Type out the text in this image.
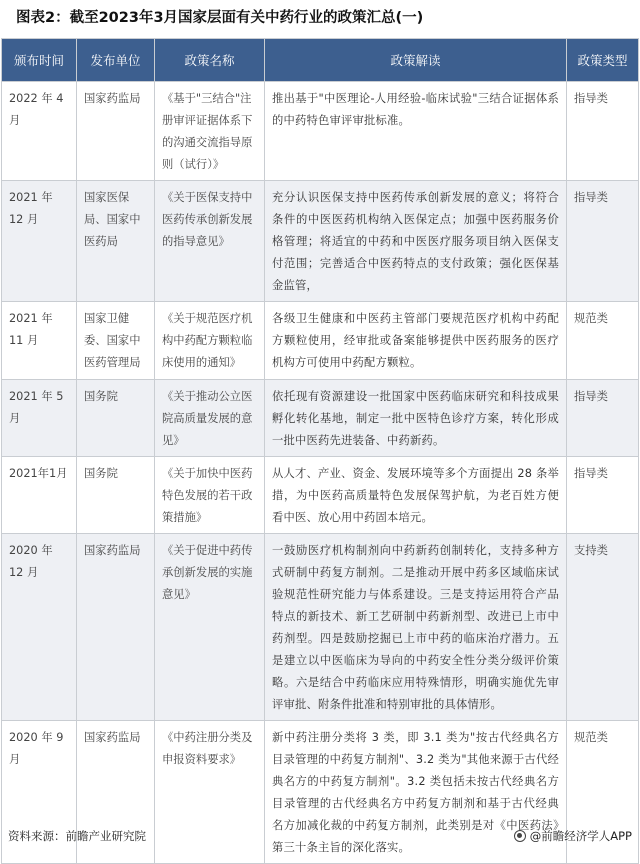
图表2：截至2023年3月国家层面有关中药行业的政策汇总(一)
颁布时间	发布单位	政策名称	政策解读	政策类型
2022 年 4 月	国家药监局	《基于"三结合"注册审评证据体系下的沟通交流指导原则（试行）》	推出基于"中医理论-人用经验-临床试验"三结合证据体系的中药特色审评审批标准。	指导类
2021 年 12 月	国家医保局、国家中医药局	《关于医保支持中医药传承创新发展的指导意见》	充分认识医保支持中医药传承创新发展的意义；将符合条件的中医医药机构纳入医保定点；加强中医药服务价格管理；将适宜的中药和中医医疗服务项目纳入医保支付范围；完善适合中医药特点的支付政策；强化医保基金监管，	指导类
2021 年 11 月	国家卫健委、国家中医药管理局	《关于规范医疗机构中药配方颗粒临床使用的通知》	各级卫生健康和中医药主管部门要规范医疗机构中药配方颗粒使用，经审批或备案能够提供中医药服务的医疗机构方可使用中药配方颗粒。	规范类
2021 年 5 月	国务院	《关于推动公立医院高质量发展的意见》	依托现有资源建设一批国家中医药临床研究和科技成果孵化转化基地，制定一批中医特色诊疗方案，转化形成一批中医药先进装备、中药新药。	指导类
2021年1月	国务院	《关于加快中医药特色发展的若干政策措施》	从人才、产业、资金、发展环境等多个方面提出 28 条举措，为中医药高质量特色发展保驾护航，为老百姓方便看中医、放心用中药固本培元。	指导类
2020 年 12 月	国家药监局	《关于促进中药传承创新发展的实施意见》	一鼓励医疗机构制剂向中药新药创制转化，支持多种方式研制中药复方制剂。二是推动开展中药多区域临床试验规范性研究能力与体系建设。三是支持运用符合产品特点的新技术、新工艺研制中药新剂型、改进已上市中药剂型。四是鼓励挖掘已上市中药的临床治疗潜力。五是建立以中医临床为导向的中药安全性分类分级评价策略。六是结合中药临床应用特殊情形，明确实施优先审评审批、附条件批准和特别审批的具体情形。	支持类
2020 年 9 月	国家药监局	《中药注册分类及申报资料要求》	新中药注册分类将 3 类，即 3.1 类为"按古代经典名方目录管理的中药复方制剂"、3.2 类为"其他来源于古代经典名方的中药复方制剂"。3.2 类包括未按古代经典名方目录管理的古代经典名方中药复方制剂和基于古代经典名方加减化裁的中药复方制剂，此类别是对《中医药法》第三十条主旨的深化落实。	规范类
资料来源：前瞻产业研究院	@前瞻经济学人APP
